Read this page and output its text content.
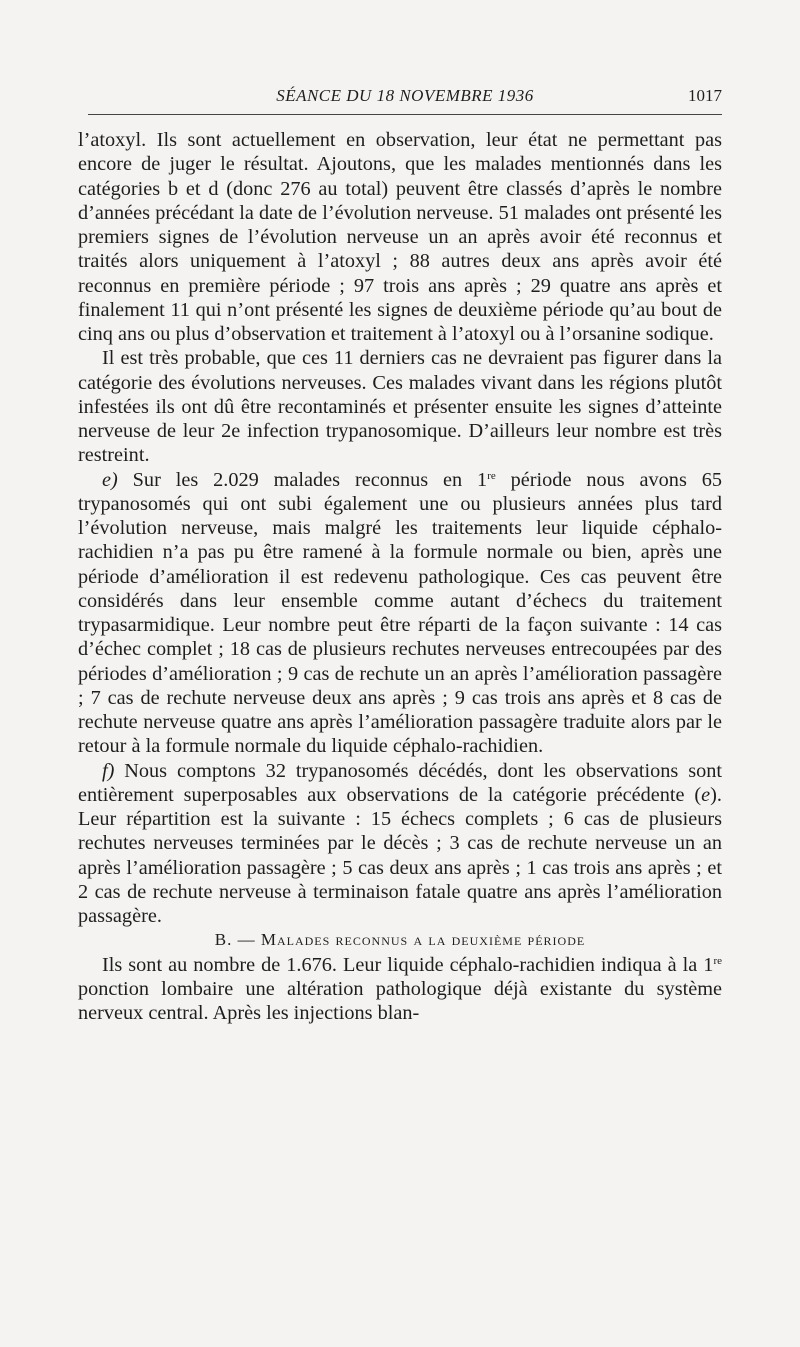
SÉANCE DU 18 NOVEMBRE 1936	1017

l’atoxyl. Ils sont actuellement en observation, leur état ne permettant pas encore de juger le résultat. Ajoutons, que les malades mentionnés dans les catégories b et d (donc 276 au total) peuvent être classés d’après le nombre d’années précédant la date de l’évolution nerveuse. 51 malades ont présenté les premiers signes de l’évolution nerveuse un an après avoir été reconnus et traités alors uniquement à l’atoxyl ; 88 autres deux ans après avoir été reconnus en première période ; 97 trois ans après ; 29 quatre ans après et finalement 11 qui n’ont présenté les signes de deuxième période qu’au bout de cinq ans ou plus d’observation et traitement à l’atoxyl ou à l’orsanine sodique.

Il est très probable, que ces 11 derniers cas ne devraient pas figurer dans la catégorie des évolutions nerveuses. Ces malades vivant dans les régions plutôt infestées ils ont dû être recontaminés et présenter ensuite les signes d’atteinte nerveuse de leur 2e infection trypanosomique. D’ailleurs leur nombre est très restreint.

e) Sur les 2.029 malades reconnus en 1re période nous avons 65 trypanosomés qui ont subi également une ou plusieurs années plus tard l’évolution nerveuse, mais malgré les traitements leur liquide céphalo-rachidien n’a pas pu être ramené à la formule normale ou bien, après une période d’amélioration il est redevenu pathologique. Ces cas peuvent être considérés dans leur ensemble comme autant d’échecs du traitement trypasarmidique. Leur nombre peut être réparti de la façon suivante : 14 cas d’échec complet ; 18 cas de plusieurs rechutes nerveuses entrecoupées par des périodes d’amélioration ; 9 cas de rechute un an après l’amélioration passagère ; 7 cas de rechute nerveuse deux ans après ; 9 cas trois ans après et 8 cas de rechute nerveuse quatre ans après l’amélioration passagère traduite alors par le retour à la formule normale du liquide céphalo-rachidien.

f) Nous comptons 32 trypanosomés décédés, dont les observations sont entièrement superposables aux observations de la catégorie précédente (e). Leur répartition est la suivante : 15 échecs complets ; 6 cas de plusieurs rechutes nerveuses terminées par le décès ; 3 cas de rechute nerveuse un an après l’amélioration passagère ; 5 cas deux ans après ; 1 cas trois ans après ; et 2 cas de rechute nerveuse à terminaison fatale quatre ans après l’amélioration passagère.

B. — Malades reconnus a la deuxième période

Ils sont au nombre de 1.676. Leur liquide céphalo-rachidien indiqua à la 1re ponction lombaire une altération pathologique déjà existante du système nerveux central. Après les injections blan-
